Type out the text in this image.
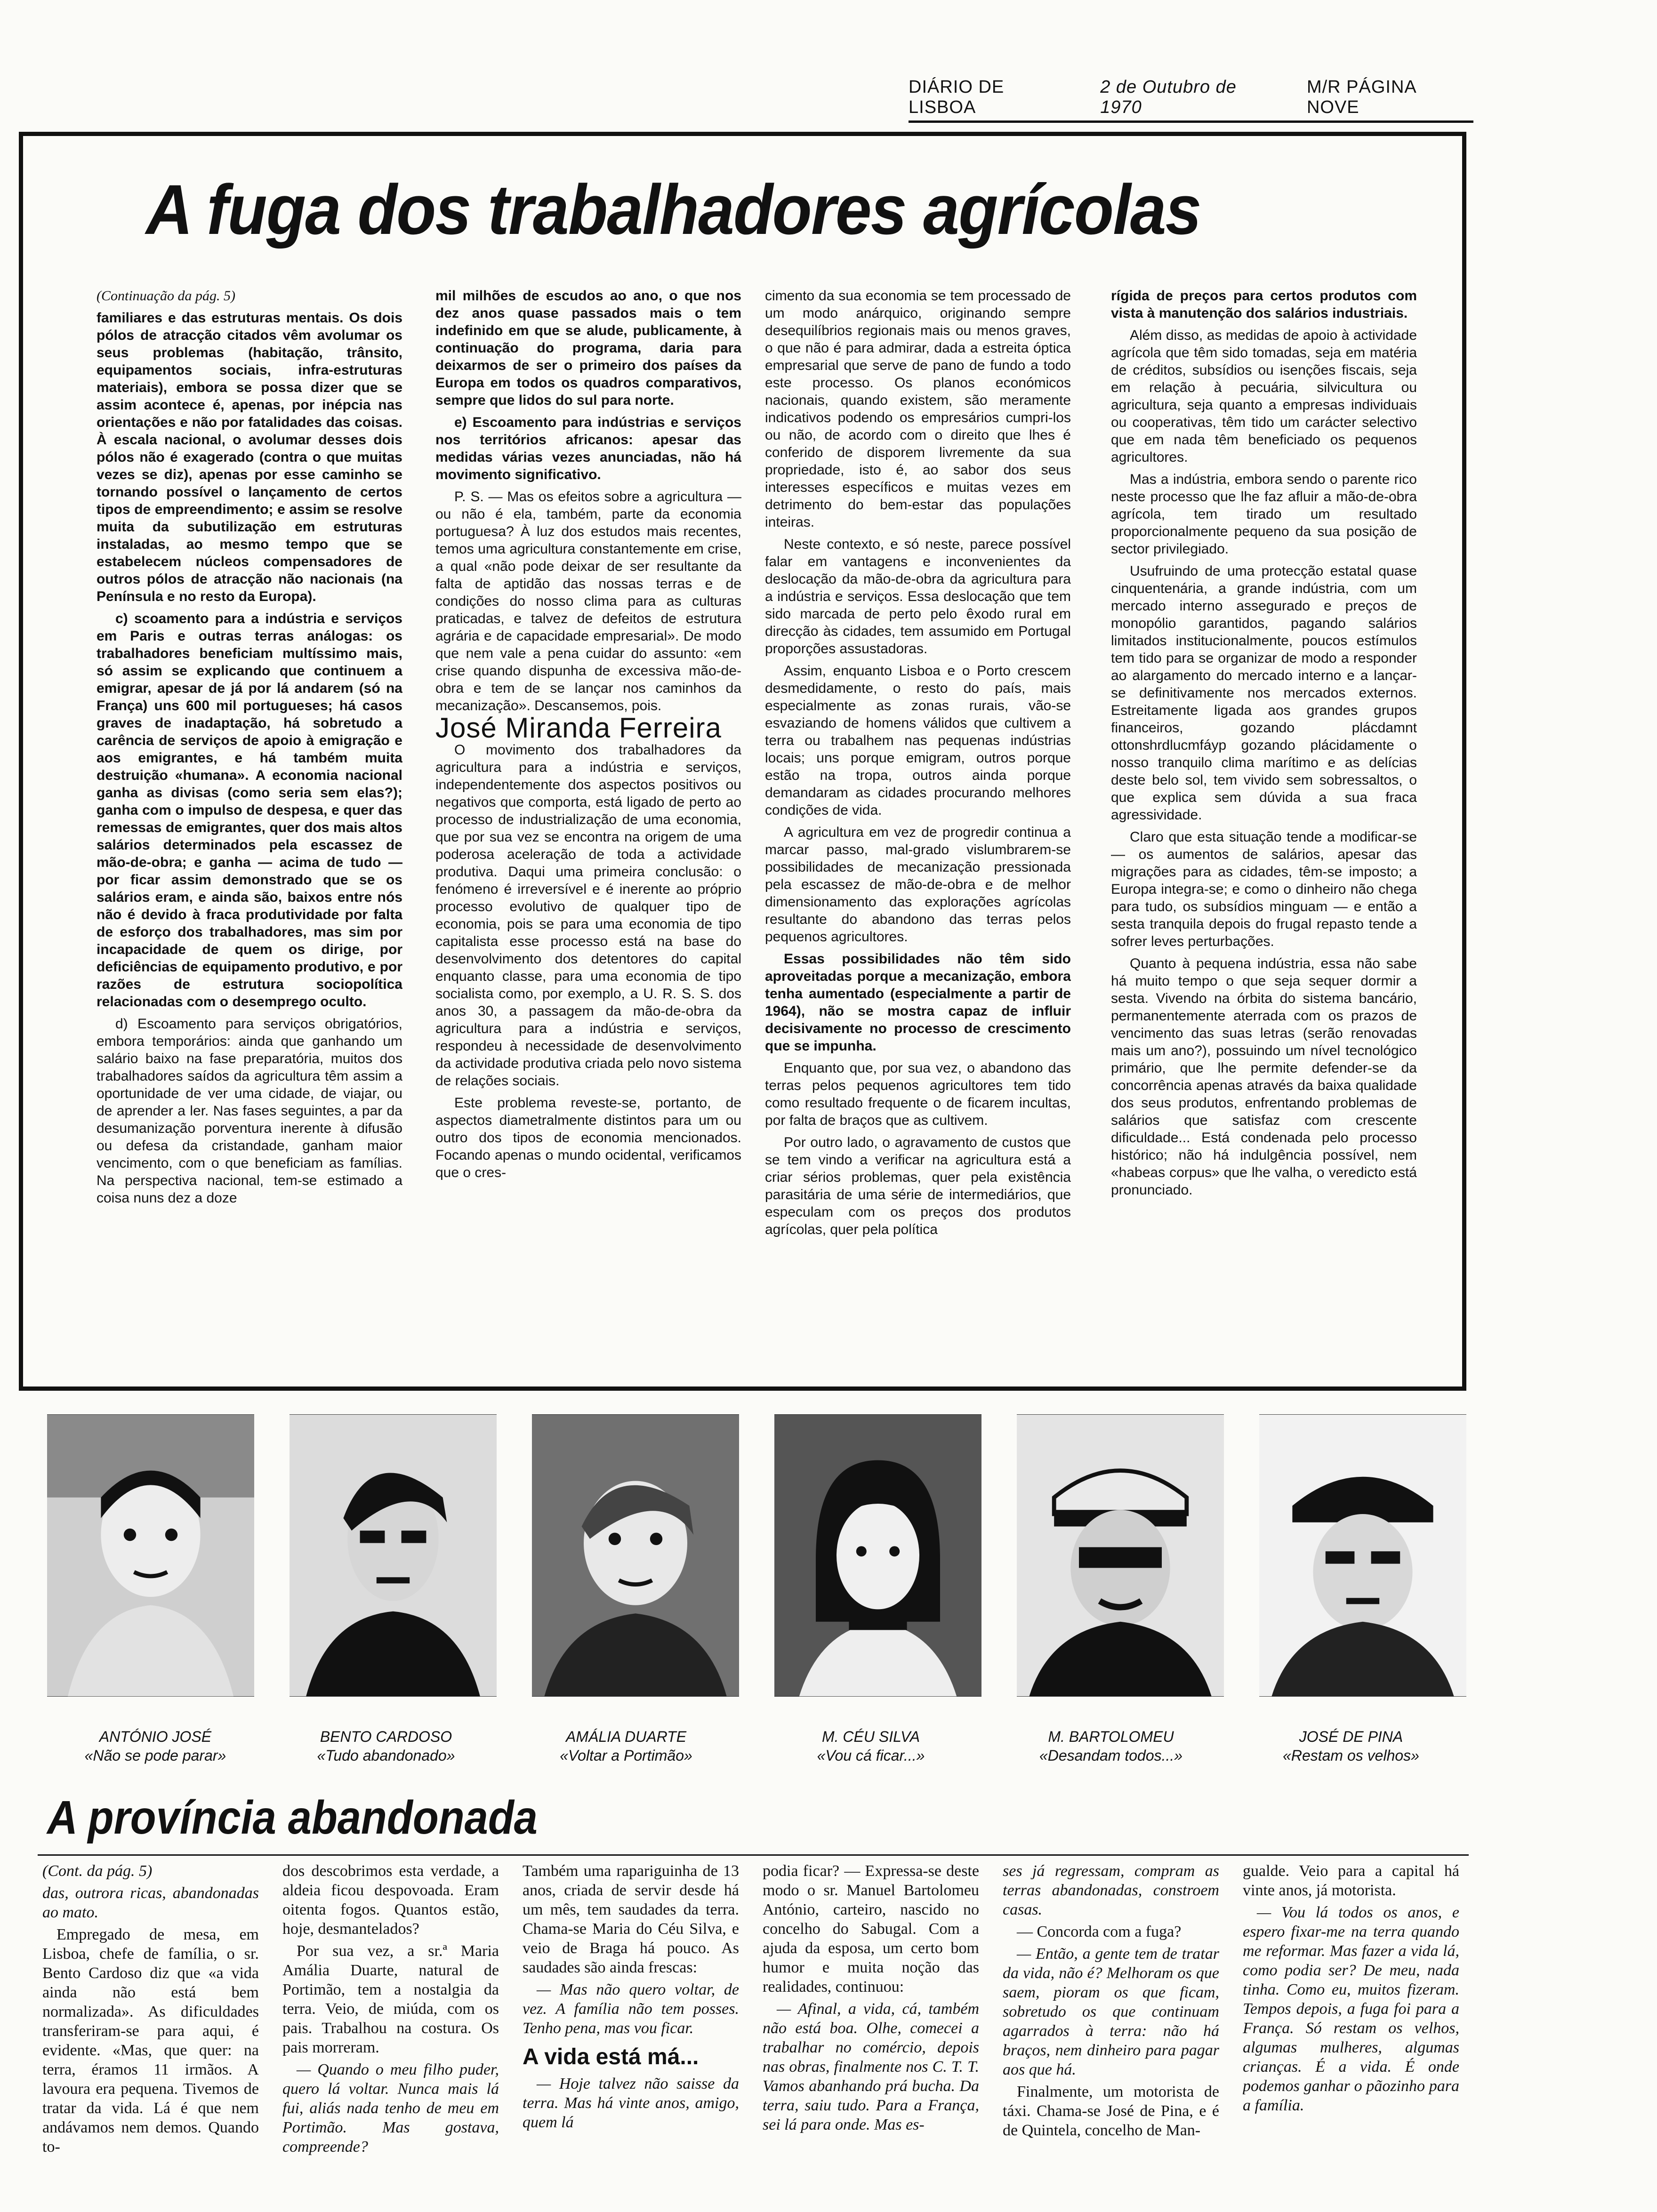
DIÁRIO DE LISBOA
2 de Outubro de 1970
M/R PÁGINA NOVE
A fuga dos trabalhadores agrícolas

(Continuação da pág. 5)

familiares e das estruturas mentais. Os dois pólos de atracção citados vêm avolumar os seus problemas (habitação, trânsito, equipamentos sociais, infra-estruturas materiais), embora se possa dizer que se assim acontece é, apenas, por inépcia nas orientações e não por fatalidades das coisas. À escala nacional, o avolumar desses dois pólos não é exagerado (contra o que muitas vezes se diz), apenas por esse caminho se tornando possível o lançamento de certos tipos de empreendimento; e assim se resolve muita da subutilização em estruturas instaladas, ao mesmo tempo que se estabelecem núcleos compensadores de outros pólos de atracção não nacionais (na Península e no resto da Europa).

c) scoamento para a indústria e serviços em Paris e outras terras análogas: os trabalhadores beneficiam multíssimo mais, só assim se explicando que continuem a emigrar, apesar de já por lá andarem (só na França) uns 600 mil portugueses; há casos graves de inadaptação, há sobretudo a carência de serviços de apoio à emigração e aos emigrantes, e há também muita destruição «humana». A economia nacional ganha as divisas (como seria sem elas?); ganha com o impulso de despesa, e quer das remessas de emigrantes, quer dos mais altos salários determinados pela escassez de mão-de-obra; e ganha — acima de tudo — por ficar assim demonstrado que se os salários eram, e ainda são, baixos entre nós não é devido à fraca produtividade por falta de esforço dos trabalhadores, mas sim por incapacidade de quem os dirige, por deficiências de equipamento produtivo, e por razões de estrutura sociopolítica relacionadas com o desemprego oculto.

d) Escoamento para serviços obrigatórios, embora temporários: ainda que ganhando um salário baixo na fase preparatória, muitos dos trabalhadores saídos da agricultura têm assim a oportunidade de ver uma cidade, de viajar, ou de aprender a ler. Nas fases seguintes, a par da desumanização porventura inerente à difusão ou defesa da cristandade, ganham maior vencimento, com o que beneficiam as famílias. Na perspectiva nacional, tem-se estimado a coisa nuns dez a doze

mil milhões de escudos ao ano, o que nos dez anos quase passados mais o tem indefinido em que se alude, publicamente, à continuação do programa, daria para deixarmos de ser o primeiro dos países da Europa em todos os quadros comparativos, sempre que lidos do sul para norte.

e) Escoamento para indústrias e serviços nos territórios africanos: apesar das medidas várias vezes anunciadas, não há movimento significativo.

P. S. — Mas os efeitos sobre a agricultura — ou não é ela, também, parte da economia portuguesa? À luz dos estudos mais recentes, temos uma agricultura constantemente em crise, a qual «não pode deixar de ser resultante da falta de aptidão das nossas terras e de condições do nosso clima para as culturas praticadas, e talvez de defeitos de estrutura agrária e de capacidade empresarial». De modo que nem vale a pena cuidar do assunto: «em crise quando dispunha de excessiva mão-de-obra e tem de se lançar nos caminhos da mecanização». Descansemos, pois.

José Miranda Ferreira

O movimento dos trabalhadores da agricultura para a indústria e serviços, independentemente dos aspectos positivos ou negativos que comporta, está ligado de perto ao processo de industrialização de uma economia, que por sua vez se encontra na origem de uma poderosa aceleração de toda a actividade produtiva. Daqui uma primeira conclusão: o fenómeno é irreversível e é inerente ao próprio processo evolutivo de qualquer tipo de economia, pois se para uma economia de tipo capitalista esse processo está na base do desenvolvimento dos detentores do capital enquanto classe, para uma economia de tipo socialista como, por exemplo, a U. R. S. S. dos anos 30, a passagem da mão-de-obra da agricultura para a indústria e serviços, respondeu à necessidade de desenvolvimento da actividade produtiva criada pelo novo sistema de relações sociais.

Este problema reveste-se, portanto, de aspectos diametralmente distintos para um ou outro dos tipos de economia mencionados. Focando apenas o mundo ocidental, verificamos que o cres-

cimento da sua economia se tem processado de um modo anárquico, originando sempre desequilíbrios regionais mais ou menos graves, o que não é para admirar, dada a estreita óptica empresarial que serve de pano de fundo a todo este processo. Os planos económicos nacionais, quando existem, são meramente indicativos podendo os empresários cumpri-los ou não, de acordo com o direito que lhes é conferido de disporem livremente da sua propriedade, isto é, ao sabor dos seus interesses específicos e muitas vezes em detrimento do bem-estar das populações inteiras.

Neste contexto, e só neste, parece possível falar em vantagens e inconvenientes da deslocação da mão-de-obra da agricultura para a indústria e serviços. Essa deslocação que tem sido marcada de perto pelo êxodo rural em direcção às cidades, tem assumido em Portugal proporções assustadoras.

Assim, enquanto Lisboa e o Porto crescem desmedidamente, o resto do país, mais especialmente as zonas rurais, vão-se esvaziando de homens válidos que cultivem a terra ou trabalhem nas pequenas indústrias locais; uns porque emigram, outros porque estão na tropa, outros ainda porque demandaram as cidades procurando melhores condições de vida.

A agricultura em vez de progredir continua a marcar passo, mal-grado vislumbrarem-se possibilidades de mecanização pressionada pela escassez de mão-de-obra e de melhor dimensionamento das explorações agrícolas resultante do abandono das terras pelos pequenos agricultores.

Essas possibilidades não têm sido aproveitadas porque a mecanização, embora tenha aumentado (especialmente a partir de 1964), não se mostra capaz de influir decisivamente no processo de crescimento que se impunha.

Enquanto que, por sua vez, o abandono das terras pelos pequenos agricultores tem tido como resultado frequente o de ficarem incultas, por falta de braços que as cultivem.

Por outro lado, o agravamento de custos que se tem vindo a verificar na agricultura está a criar sérios problemas, quer pela existência parasitária de uma série de intermediários, que especulam com os preços dos produtos agrícolas, quer pela política

rígida de preços para certos produtos com vista à manutenção dos salários industriais.

Além disso, as medidas de apoio à actividade agrícola que têm sido tomadas, seja em matéria de créditos, subsídios ou isenções fiscais, seja em relação à pecuária, silvicultura ou agricultura, seja quanto a empresas individuais ou cooperativas, têm tido um carácter selectivo que em nada têm beneficiado os pequenos agricultores.

Mas a indústria, embora sendo o parente rico neste processo que lhe faz afluir a mão-de-obra agrícola, tem tirado um resultado proporcionalmente pequeno da sua posição de sector privilegiado.

Usufruindo de uma protecção estatal quase cinquentenária, a grande indústria, com um mercado interno assegurado e preços de monopólio garantidos, pagando salários limitados institucionalmente, poucos estímulos tem tido para se organizar de modo a responder ao alargamento do mercado interno e a lançar-se definitivamente nos mercados externos. Estreitamente ligada aos grandes grupos financeiros, gozando plácdamnt ottonshrdlucmfáyp gozando plácidamente o nosso tranquilo clima marítimo e as delícias deste belo sol, tem vivido sem sobressaltos, o que explica sem dúvida a sua fraca agressividade.

Claro que esta situação tende a modificar-se — os aumentos de salários, apesar das migrações para as cidades, têm-se imposto; a Europa integra-se; e como o dinheiro não chega para tudo, os subsídios minguam — e então a sesta tranquila depois do frugal repasto tende a sofrer leves perturbações.

Quanto à pequena indústria, essa não sabe há muito tempo o que seja sequer dormir a sesta. Vivendo na órbita do sistema bancário, permanentemente aterrada com os prazos de vencimento das suas letras (serão renovadas mais um ano?), possuindo um nível tecnológico primário, que lhe permite defender-se da concorrência apenas através da baixa qualidade dos seus produtos, enfrentando problemas de salários que satisfaz com crescente dificuldade... Está condenada pelo processo histórico; não há indulgência possível, nem «habeas corpus» que lhe valha, o veredicto está pronunciado.

ANTÓNIO JOSÉ
«Não se pode parar»
BENTO CARDOSO
«Tudo abandonado»
AMÁLIA DUARTE
«Voltar a Portimão»
M. CÉU SILVA
«Vou cá ficar...»
M. BARTOLOMEU
«Desandam todos...»
JOSÉ DE PINA
«Restam os velhos»
A província abandonada

(Cont. da pág. 5)

das, outrora ricas, abandonadas ao mato.

Empregado de mesa, em Lisboa, chefe de família, o sr. Bento Cardoso diz que «a vida ainda não está bem normalizada». As dificuldades transferiram-se para aqui, é evidente. «Mas, que quer: na terra, éramos 11 irmãos. A lavoura era pequena. Tivemos de tratar da vida. Lá é que nem andávamos nem demos. Quando to-

dos descobrimos esta verdade, a aldeia ficou despovoada. Eram oitenta fogos. Quantos estão, hoje, desmantelados?

Por sua vez, a sr.ª Maria Amália Duarte, natural de Portimão, tem a nostalgia da terra. Veio, de miúda, com os pais. Trabalhou na costura. Os pais morreram.

— Quando o meu filho puder, quero lá voltar. Nunca mais lá fui, aliás nada tenho de meu em Portimão. Mas gostava, compreende?

Também uma rapariguinha de 13 anos, criada de servir desde há um mês, tem saudades da terra. Chama-se Maria do Céu Silva, e veio de Braga há pouco. As saudades são ainda frescas:

— Mas não quero voltar, de vez. A família não tem posses. Tenho pena, mas vou ficar.

A vida está má...

— Hoje talvez não saisse da terra. Mas há vinte anos, amigo, quem lá

podia ficar? — Expressa-se deste modo o sr. Manuel Bartolomeu António, carteiro, nascido no concelho do Sabugal. Com a ajuda da esposa, um certo bom humor e muita noção das realidades, continuou:

— Afinal, a vida, cá, também não está boa. Olhe, comecei a trabalhar no comércio, depois nas obras, finalmente nos C. T. T. Vamos abanhando prá bucha. Da terra, saiu tudo. Para a França, sei lá para onde. Mas es-

ses já regressam, compram as terras abandonadas, constroem casas.

— Concorda com a fuga?

— Então, a gente tem de tratar da vida, não é? Melhoram os que saem, pioram os que ficam, sobretudo os que continuam agarrados à terra: não há braços, nem dinheiro para pagar aos que há.

Finalmente, um motorista de táxi. Chama-se José de Pina, e é de Quintela, concelho de Man-

gualde. Veio para a capital há vinte anos, já motorista.

— Vou lá todos os anos, e espero fixar-me na terra quando me reformar. Mas fazer a vida lá, como podia ser? De meu, nada tinha. Como eu, muitos fizeram. Tempos depois, a fuga foi para a França. Só restam os velhos, algumas mulheres, algumas crianças. É a vida. É onde podemos ganhar o pãozinho para a família.
